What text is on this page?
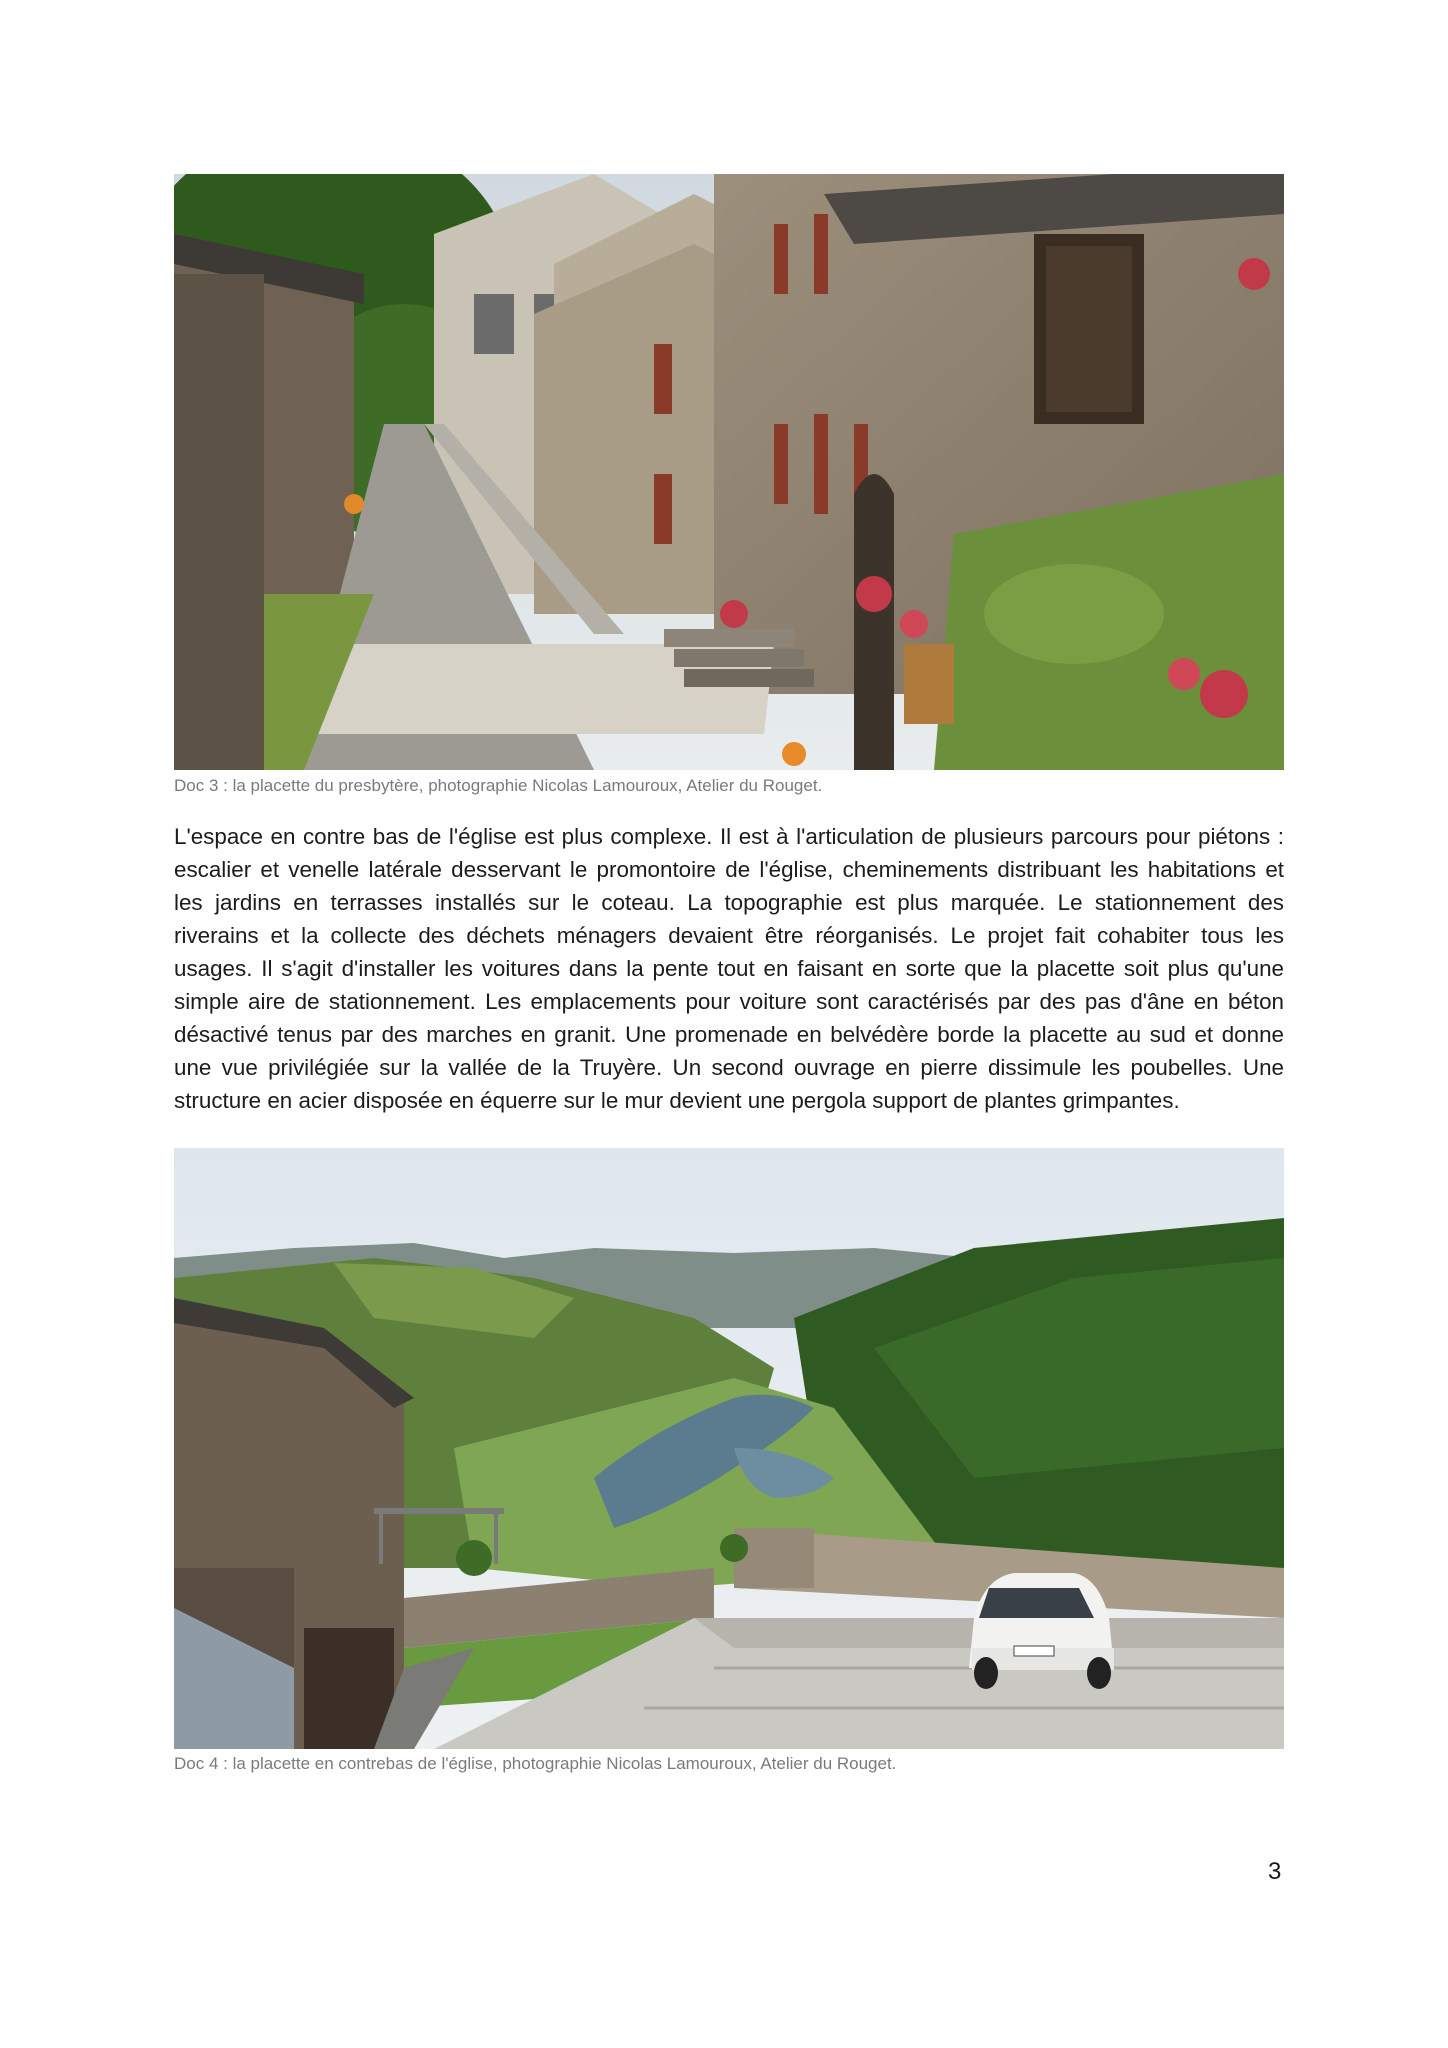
Doc 3 : la placette du presbytère, photographie Nicolas Lamouroux, Atelier du Rouget.

L'espace en contre bas de l'église est plus complexe. Il est à l'articulation de plusieurs parcours pour piétons :
escalier et venelle latérale desservant le promontoire de l'église, cheminements distribuant les habitations et
les jardins en terrasses installés sur le coteau. La topographie est plus marquée. Le stationnement des
riverains et la collecte des déchets ménagers devaient être réorganisés. Le projet fait cohabiter tous les
usages. Il s'agit d'installer les voitures dans la pente tout en faisant en sorte que la placette soit plus qu'une
simple aire de stationnement. Les emplacements pour voiture sont caractérisés par des pas d'âne en béton
désactivé tenus par des marches en granit. Une promenade en belvédère borde la placette au sud et donne
une vue privilégiée sur la vallée de la Truyère. Un second ouvrage en pierre dissimule les poubelles. Une
structure en acier disposée en équerre sur le mur devient une pergola support de plantes grimpantes.

Doc 4 : la placette en contrebas de l'église, photographie Nicolas Lamouroux, Atelier du Rouget.
3
